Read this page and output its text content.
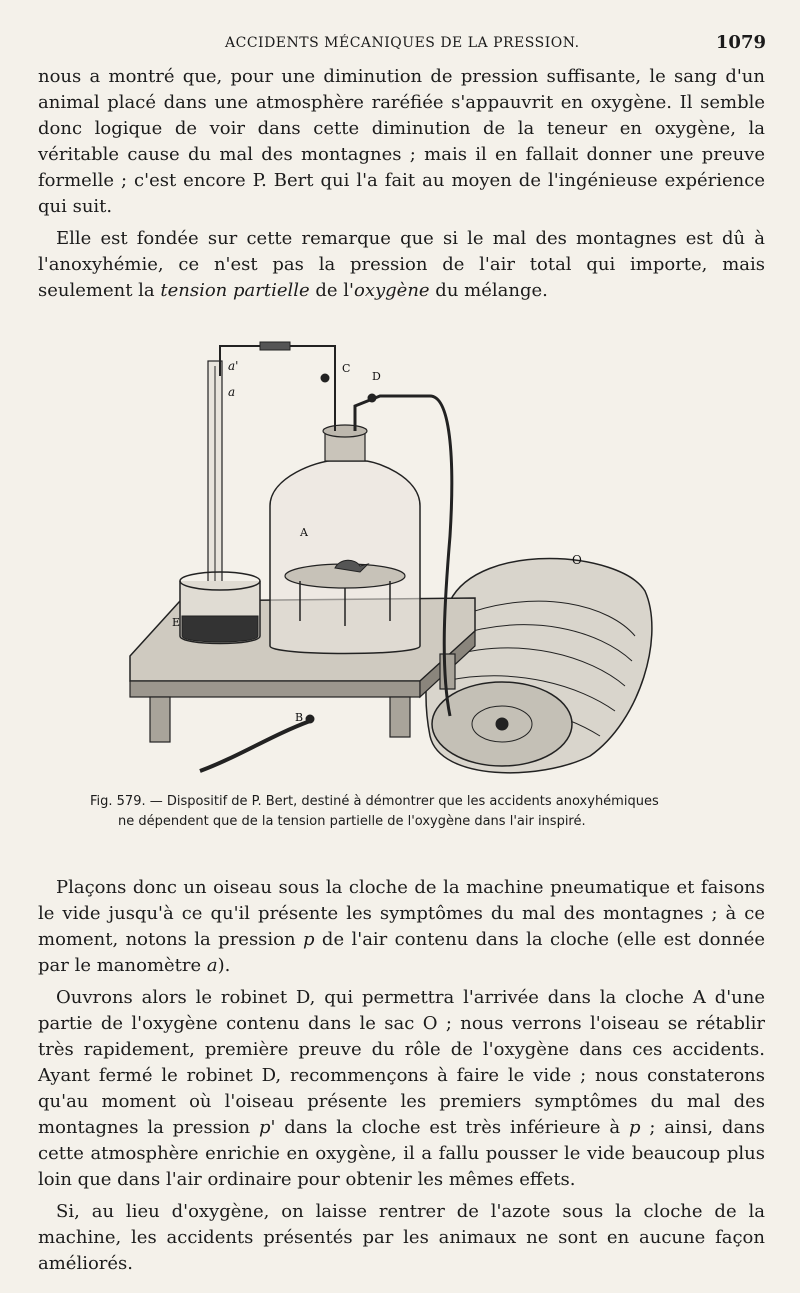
ACCIDENTS MÉCANIQUES DE LA PRESSION.	1079

nous a montré que, pour une diminution de pression suffisante, le sang d'un animal placé dans une atmosphère raréfiée s'appauvrit en oxygène. Il semble donc logique de voir dans cette diminution de la teneur en oxygène, la véritable cause du mal des montagnes ; mais il en fallait donner une preuve formelle ; c'est encore P. Bert qui l'a fait au moyen de l'ingénieuse expérience qui suit.

Elle est fondée sur cette remarque que si le mal des montagnes est dû à l'anoxyhémie, ce n'est pas la pression de l'air total qui importe, mais seulement la tension partielle de l'oxygène du mélange.

a'
a
C
D
A
E
B
O
Fig. 579. — Dispositif de P. Bert, destiné à démontrer que les accidents anoxyhémiques
ne dépendent que de la tension partielle de l'oxygène dans l'air inspiré.

Plaçons donc un oiseau sous la cloche de la machine pneumatique et faisons le vide jusqu'à ce qu'il présente les symptômes du mal des montagnes ; à ce moment, notons la pression p de l'air contenu dans la cloche (elle est donnée par le manomètre a).

Ouvrons alors le robinet D, qui permettra l'arrivée dans la cloche A d'une partie de l'oxygène contenu dans le sac O ; nous verrons l'oiseau se rétablir très rapidement, première preuve du rôle de l'oxygène dans ces accidents. Ayant fermé le robinet D, recommençons à faire le vide ; nous constaterons qu'au moment où l'oiseau présente les premiers symptômes du mal des montagnes la pression p' dans la cloche est très inférieure à p ; ainsi, dans cette atmosphère enrichie en oxygène, il a fallu pousser le vide beaucoup plus loin que dans l'air ordinaire pour obtenir les mêmes effets.

Si, au lieu d'oxygène, on laisse rentrer de l'azote sous la cloche de la machine, les accidents présentés par les animaux ne sont en aucune façon améliorés.
